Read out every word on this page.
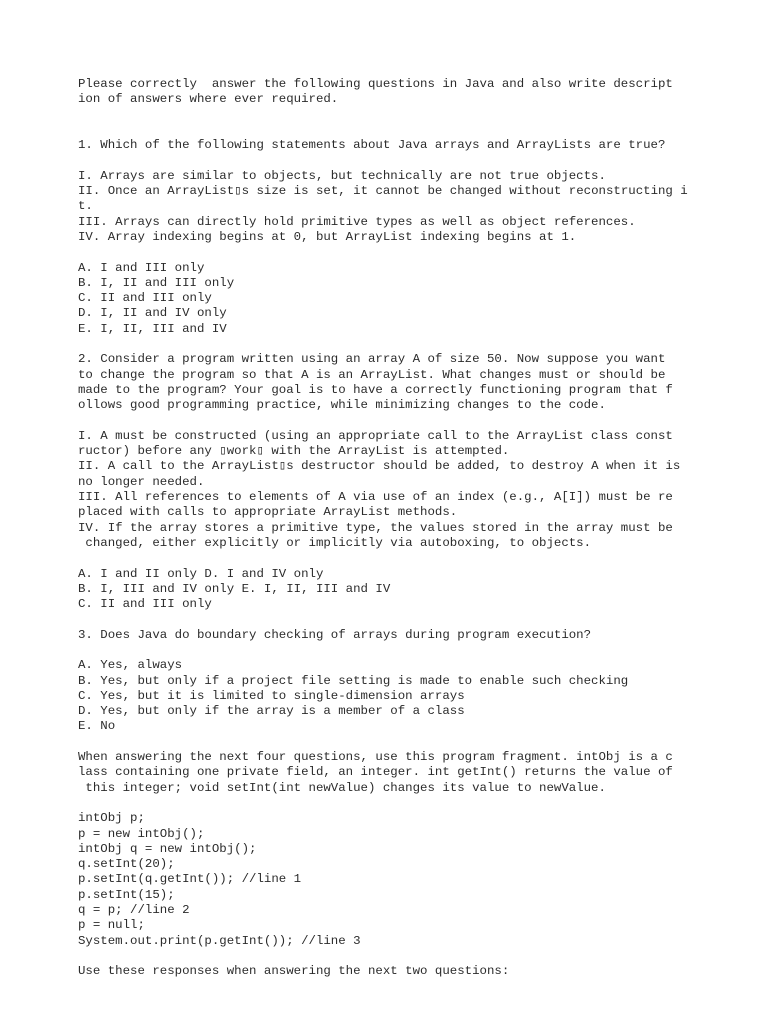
Please correctly  answer the following questions in Java and also write descript
ion of answers where ever required.
1. Which of the following statements about Java arrays and ArrayLists are true?
I. Arrays are similar to objects, but technically are not true objects.
II. Once an ArrayList▯s size is set, it cannot be changed without reconstructing i
t.
III. Arrays can directly hold primitive types as well as object references.
IV. Array indexing begins at 0, but ArrayList indexing begins at 1.
A. I and III only
B. I, II and III only
C. II and III only
D. I, II and IV only
E. I, II, III and IV
2. Consider a program written using an array A of size 50. Now suppose you want
to change the program so that A is an ArrayList. What changes must or should be
made to the program? Your goal is to have a correctly functioning program that f
ollows good programming practice, while minimizing changes to the code.
I. A must be constructed (using an appropriate call to the ArrayList class const
ructor) before any ▯work▯ with the ArrayList is attempted.
II. A call to the ArrayList▯s destructor should be added, to destroy A when it is
no longer needed.
III. All references to elements of A via use of an index (e.g., A[I]) must be re
placed with calls to appropriate ArrayList methods.
IV. If the array stores a primitive type, the values stored in the array must be
changed, either explicitly or implicitly via autoboxing, to objects.
A. I and II only D. I and IV only
B. I, III and IV only E. I, II, III and IV
C. II and III only
3. Does Java do boundary checking of arrays during program execution?
A. Yes, always
B. Yes, but only if a project file setting is made to enable such checking
C. Yes, but it is limited to single-dimension arrays
D. Yes, but only if the array is a member of a class
E. No
When answering the next four questions, use this program fragment. intObj is a c
lass containing one private field, an integer. int getInt() returns the value of
this integer; void setInt(int newValue) changes its value to newValue.
intObj p;
p = new intObj();
intObj q = new intObj();
q.setInt(20);
p.setInt(q.getInt()); //line 1
p.setInt(15);
q = p; //line 2
p = null;
System.out.print(p.getInt()); //line 3
Use these responses when answering the next two questions:
